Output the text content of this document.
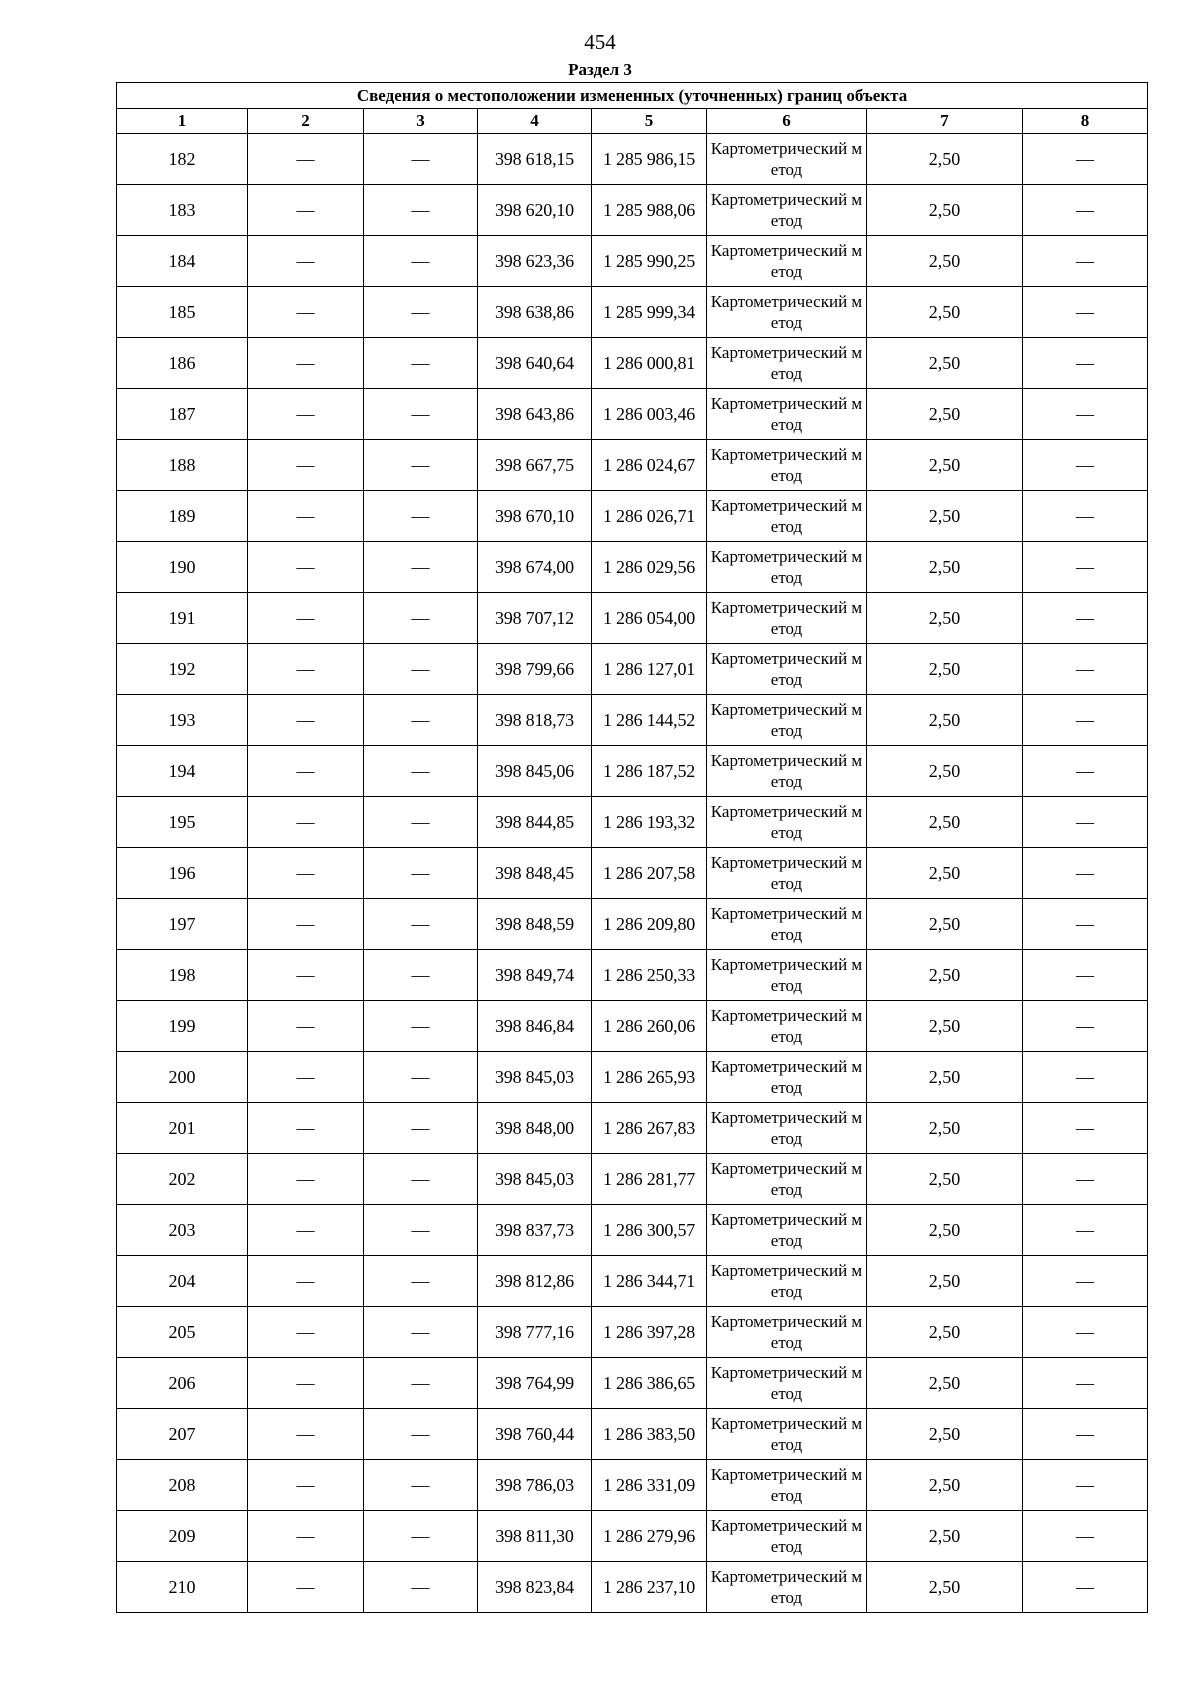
454
Раздел 3
Сведения о местоположении измененных (уточненных) границ объекта							
1	2	3	4	5	6	7	8
182	—	—	398 618,15	1 285 986,15	Картометрический метод	2,50	—
183	—	—	398 620,10	1 285 988,06	Картометрический метод	2,50	—
184	—	—	398 623,36	1 285 990,25	Картометрический метод	2,50	—
185	—	—	398 638,86	1 285 999,34	Картометрический метод	2,50	—
186	—	—	398 640,64	1 286 000,81	Картометрический метод	2,50	—
187	—	—	398 643,86	1 286 003,46	Картометрический метод	2,50	—
188	—	—	398 667,75	1 286 024,67	Картометрический метод	2,50	—
189	—	—	398 670,10	1 286 026,71	Картометрический метод	2,50	—
190	—	—	398 674,00	1 286 029,56	Картометрический метод	2,50	—
191	—	—	398 707,12	1 286 054,00	Картометрический метод	2,50	—
192	—	—	398 799,66	1 286 127,01	Картометрический метод	2,50	—
193	—	—	398 818,73	1 286 144,52	Картометрический метод	2,50	—
194	—	—	398 845,06	1 286 187,52	Картометрический метод	2,50	—
195	—	—	398 844,85	1 286 193,32	Картометрический метод	2,50	—
196	—	—	398 848,45	1 286 207,58	Картометрический метод	2,50	—
197	—	—	398 848,59	1 286 209,80	Картометрический метод	2,50	—
198	—	—	398 849,74	1 286 250,33	Картометрический метод	2,50	—
199	—	—	398 846,84	1 286 260,06	Картометрический метод	2,50	—
200	—	—	398 845,03	1 286 265,93	Картометрический метод	2,50	—
201	—	—	398 848,00	1 286 267,83	Картометрический метод	2,50	—
202	—	—	398 845,03	1 286 281,77	Картометрический метод	2,50	—
203	—	—	398 837,73	1 286 300,57	Картометрический метод	2,50	—
204	—	—	398 812,86	1 286 344,71	Картометрический метод	2,50	—
205	—	—	398 777,16	1 286 397,28	Картометрический метод	2,50	—
206	—	—	398 764,99	1 286 386,65	Картометрический метод	2,50	—
207	—	—	398 760,44	1 286 383,50	Картометрический метод	2,50	—
208	—	—	398 786,03	1 286 331,09	Картометрический метод	2,50	—
209	—	—	398 811,30	1 286 279,96	Картометрический метод	2,50	—
210	—	—	398 823,84	1 286 237,10	Картометрический метод	2,50	—
